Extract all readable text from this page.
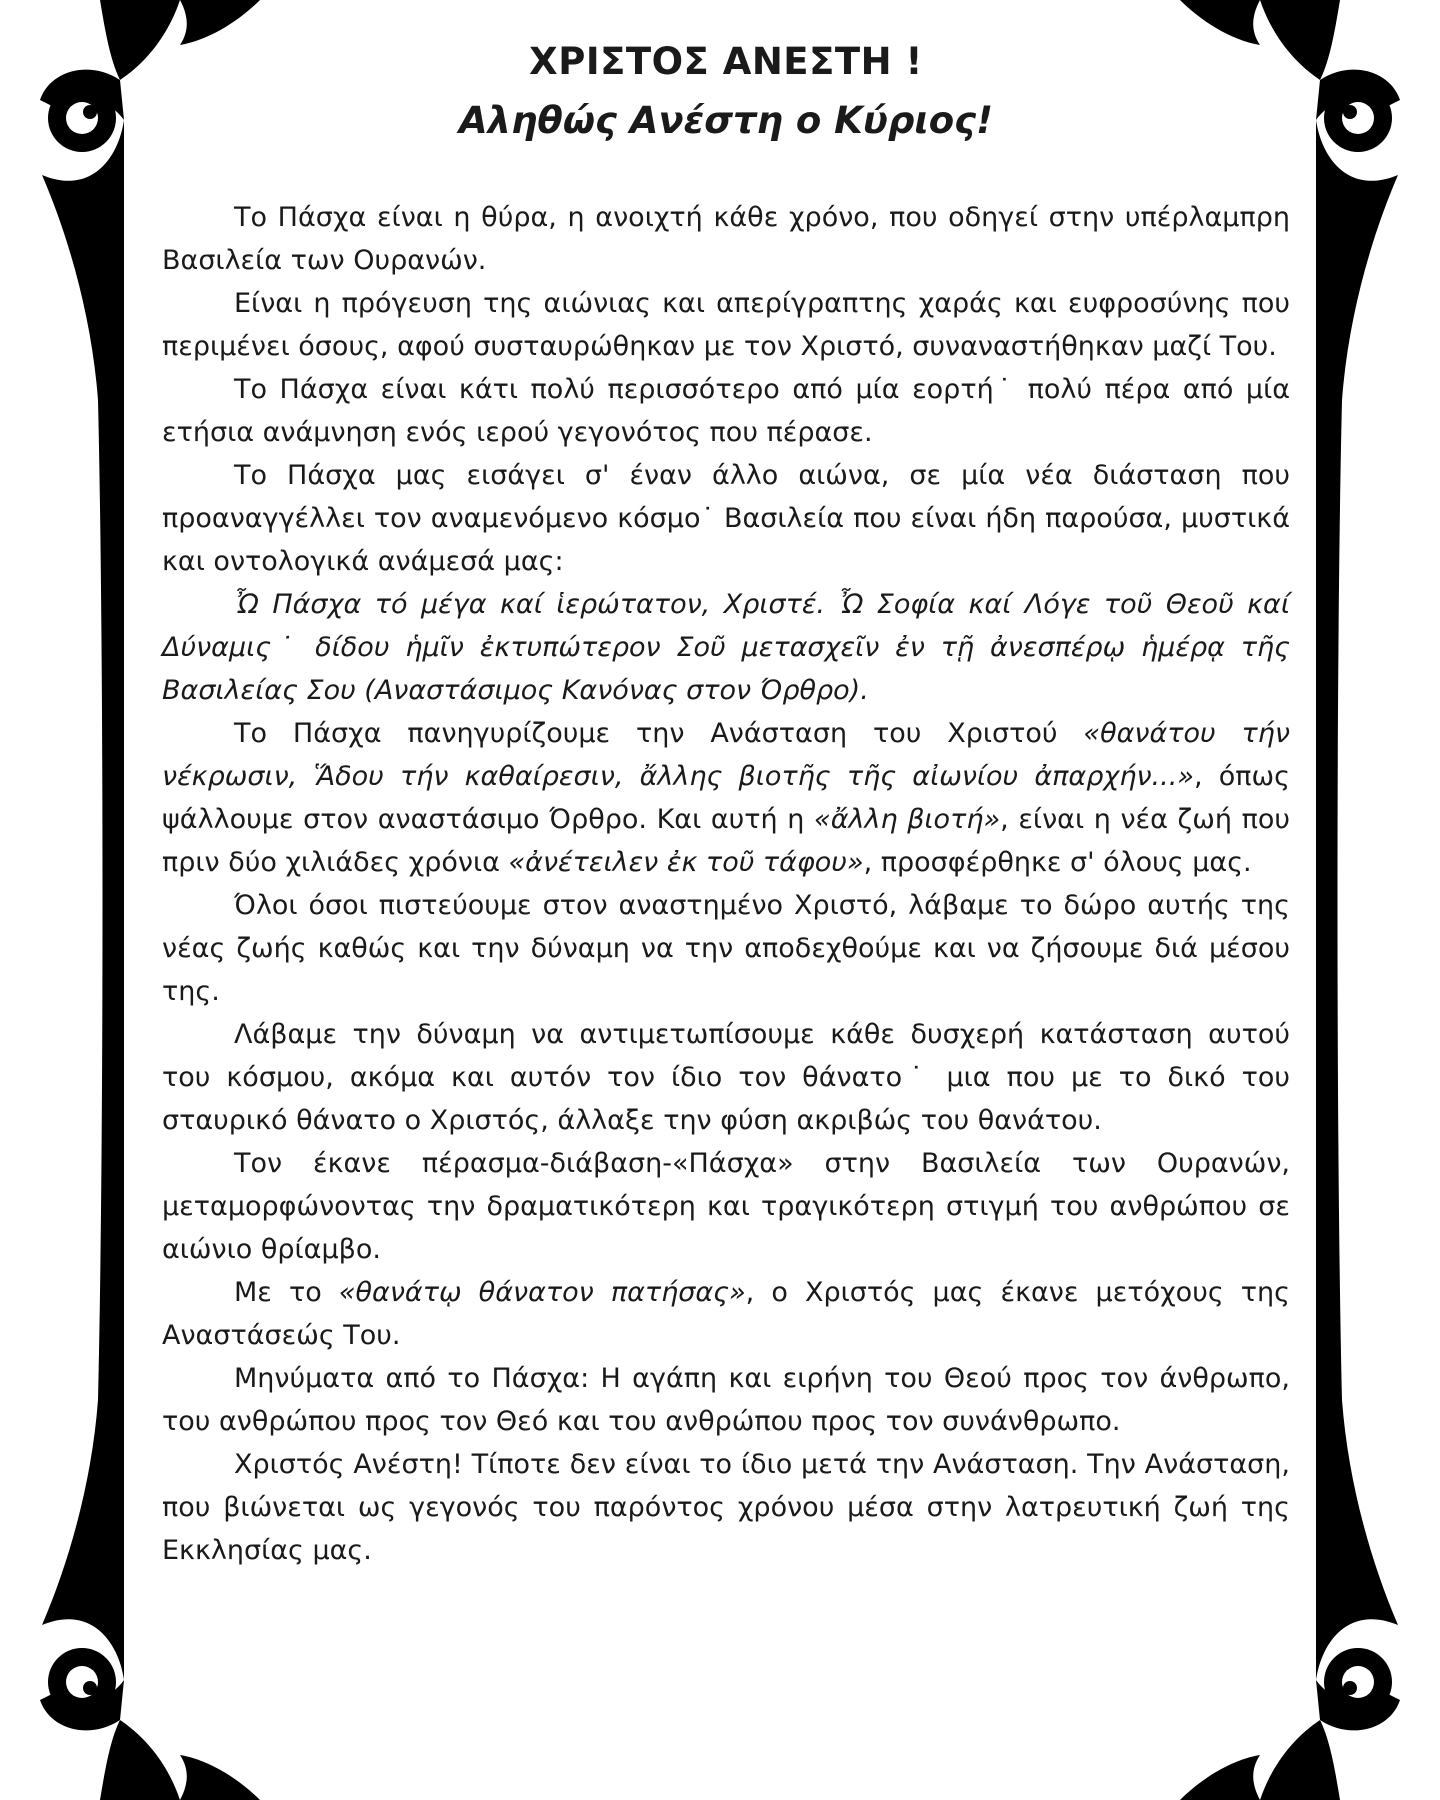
ΧΡΙΣΤΟΣ ΑΝΕΣΤΗ !
Αληθώς Ανέστη ο Κύριος!

Το Πάσχα είναι η θύρα, η ανοιχτή κάθε χρόνο, που οδηγεί στην υπέρλαμπρη Βασιλεία των Ουρανών.

Είναι η πρόγευση της αιώνιας και απερίγραπτης χαράς και ευφροσύνης που περιμένει όσους, αφού συσταυρώθηκαν με τον Χριστό, συναναστήθηκαν μαζί Του.

Το Πάσχα είναι κάτι πολύ περισσότερο από μία εορτή˙ πολύ πέρα από μία ετήσια ανάμνηση ενός ιερού γεγονότος που πέρασε.

Το Πάσχα μας εισάγει σ' έναν άλλο αιώνα, σε μία νέα διάσταση που προαναγγέλλει τον αναμενόμενο κόσμο˙ Βασιλεία που είναι ήδη παρούσα, μυστικά και οντολογικά ανάμεσά μας:

Ὦ Πάσχα τό μέγα καί ἱερώτατον, Χριστέ. Ὦ Σοφία καί Λόγε τοῦ Θεοῦ καί Δύναμις˙ δίδου ἡμῖν ἐκτυπώτερον Σοῦ μετασχεῖν ἐν τῇ ἀνεσπέρῳ ἡμέρᾳ τῆς Βασιλείας Σου (Αναστάσιμος Κανόνας στον Όρθρο).

Το Πάσχα πανηγυρίζουμε την Ανάσταση του Χριστού «θανάτου τήν νέκρωσιν, Ἅδου τήν καθαίρεσιν, ἄλλης βιοτῆς τῆς αἰωνίου ἀπαρχήν...», όπως ψάλλουμε στον αναστάσιμο Όρθρο. Και αυτή η «ἄλλη βιοτή», είναι η νέα ζωή που πριν δύο χιλιάδες χρόνια «ἀνέτειλεν ἐκ τοῦ τάφου», προσφέρθηκε σ' όλους μας.

Όλοι όσοι πιστεύουμε στον αναστημένο Χριστό, λάβαμε το δώρο αυτής της νέας ζωής καθώς και την δύναμη να την αποδεχθούμε και να ζήσουμε διά μέσου της.

Λάβαμε την δύναμη να αντιμετωπίσουμε κάθε δυσχερή κατάσταση αυτού του κόσμου, ακόμα και αυτόν τον ίδιο τον θάνατο˙ μια που με το δικό του σταυρικό θάνατο ο Χριστός, άλλαξε την φύση ακριβώς του θανάτου.

Τον έκανε πέρασμα-διάβαση-«Πάσχα» στην Βασιλεία των Ουρανών, μεταμορφώνοντας την δραματικότερη και τραγικότερη στιγμή του ανθρώπου σε αιώνιο θρίαμβο.

Με το «θανάτῳ θάνατον πατήσας», ο Χριστός μας έκανε μετόχους της Αναστάσεώς Του.

Μηνύματα από το Πάσχα: Η αγάπη και ειρήνη του Θεού προς τον άνθρωπο, του ανθρώπου προς τον Θεό και του ανθρώπου προς τον συνάνθρωπο.

Χριστός Ανέστη! Τίποτε δεν είναι το ίδιο μετά την Ανάσταση. Την Ανάσταση, που βιώνεται ως γεγονός του παρόντος χρόνου μέσα στην λατρευτική ζωή της Εκκλησίας μας.
